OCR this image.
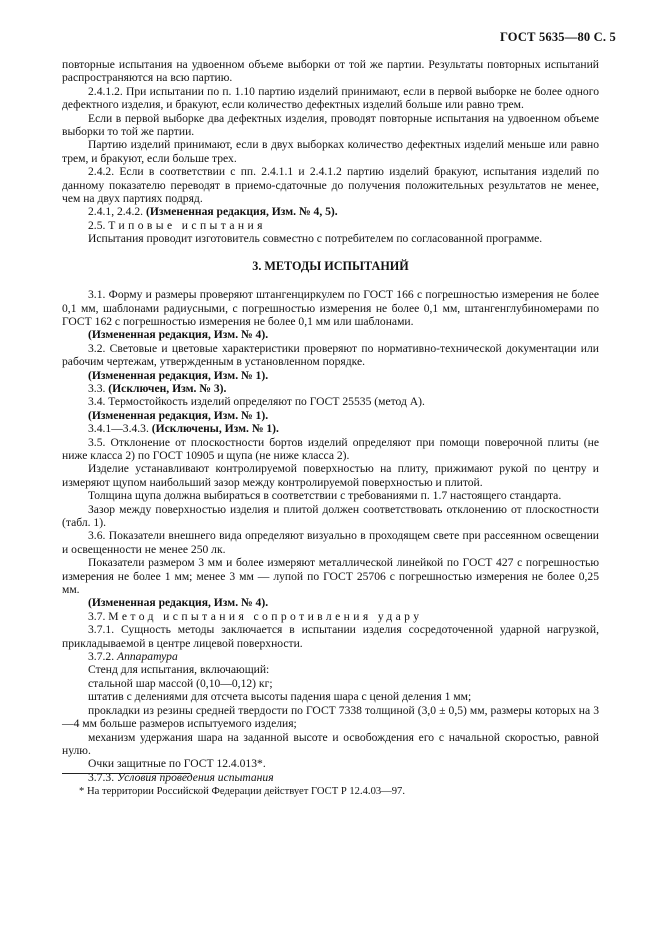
ГОСТ 5635—80 С. 5

повторные испытания на удвоенном объеме выборки от той же партии. Результаты повторных испытаний распространяются на всю партию.

2.4.1.2. При испытании по п. 1.10 партию изделий принимают, если в первой выборке не более одного дефектного изделия, и бракуют, если количество дефектных изделий больше или равно трем.

Если в первой выборке два дефектных изделия, проводят повторные испытания на удвоенном объеме выборки то той же партии.

Партию изделий принимают, если в двух выборках количество дефектных изделий меньше или равно трем, и бракуют, если больше трех.

2.4.2. Если в соответствии с пп. 2.4.1.1 и 2.4.1.2 партию изделий бракуют, испытания изделий по данному показателю переводят в приемо-сдаточные до получения положительных результатов не менее, чем на двух партиях подряд.

2.4.1, 2.4.2. (Измененная редакция, Изм. № 4, 5).

2.5. Типовые испытания

Испытания проводит изготовитель совместно с потребителем по согласованной программе.

3. МЕТОДЫ ИСПЫТАНИЙ

3.1. Форму и размеры проверяют штангенциркулем по ГОСТ 166 с погрешностью измерения не более 0,1 мм, шаблонами радиусными, с погрешностью измерения не более 0,1 мм, штангенглубиномерами по ГОСТ 162 с погрешностью измерения не более 0,1 мм или шаблонами.

(Измененная редакция, Изм. № 4).

3.2. Световые и цветовые характеристики проверяют по нормативно-технической документации или рабочим чертежам, утвержденным в установленном порядке.

(Измененная редакция, Изм. № 1).

3.3. (Исключен, Изм. № 3).

3.4. Термостойкость изделий определяют по ГОСТ 25535 (метод А).

(Измененная редакция, Изм. № 1).

3.4.1—3.4.3. (Исключены, Изм. № 1).

3.5. Отклонение от плоскостности бортов изделий определяют при помощи поверочной плиты (не ниже класса 2) по ГОСТ 10905 и щупа (не ниже класса 2).

Изделие устанавливают контролируемой поверхностью на плиту, прижимают рукой по центру и измеряют щупом наибольший зазор между контролируемой поверхностью и плитой.

Толщина щупа должна выбираться в соответствии с требованиями п. 1.7 настоящего стандарта.

Зазор между поверхностью изделия и плитой должен соответствовать отклонению от плоскостности (табл. 1).

3.6. Показатели внешнего вида определяют визуально в проходящем свете при рассеянном освещении и освещенности не менее 250 лк.

Показатели размером 3 мм и более измеряют металлической линейкой по ГОСТ 427 с погрешностью измерения не более 1 мм; менее 3 мм — лупой по ГОСТ 25706 с погрешностью измерения не более 0,25 мм.

(Измененная редакция, Изм. № 4).

3.7. Метод испытания сопротивления удару

3.7.1. Сущность методы заключается в испытании изделия сосредоточенной ударной нагрузкой, прикладываемой в центре лицевой поверхности.

3.7.2. Аппаратура

Стенд для испытания, включающий:

стальной шар массой (0,10—0,12) кг;

штатив с делениями для отсчета высоты падения шара с ценой деления 1 мм;

прокладки из резины средней твердости по ГОСТ 7338 толщиной (3,0 ± 0,5) мм, размеры которых на 3—4 мм больше размеров испытуемого изделия;

механизм удержания шара на заданной высоте и освобождения его с начальной скоростью, равной нулю.

Очки защитные по ГОСТ 12.4.013*.

3.7.3. Условия проведения испытания

* На территории Российской Федерации действует ГОСТ Р 12.4.03—97.
